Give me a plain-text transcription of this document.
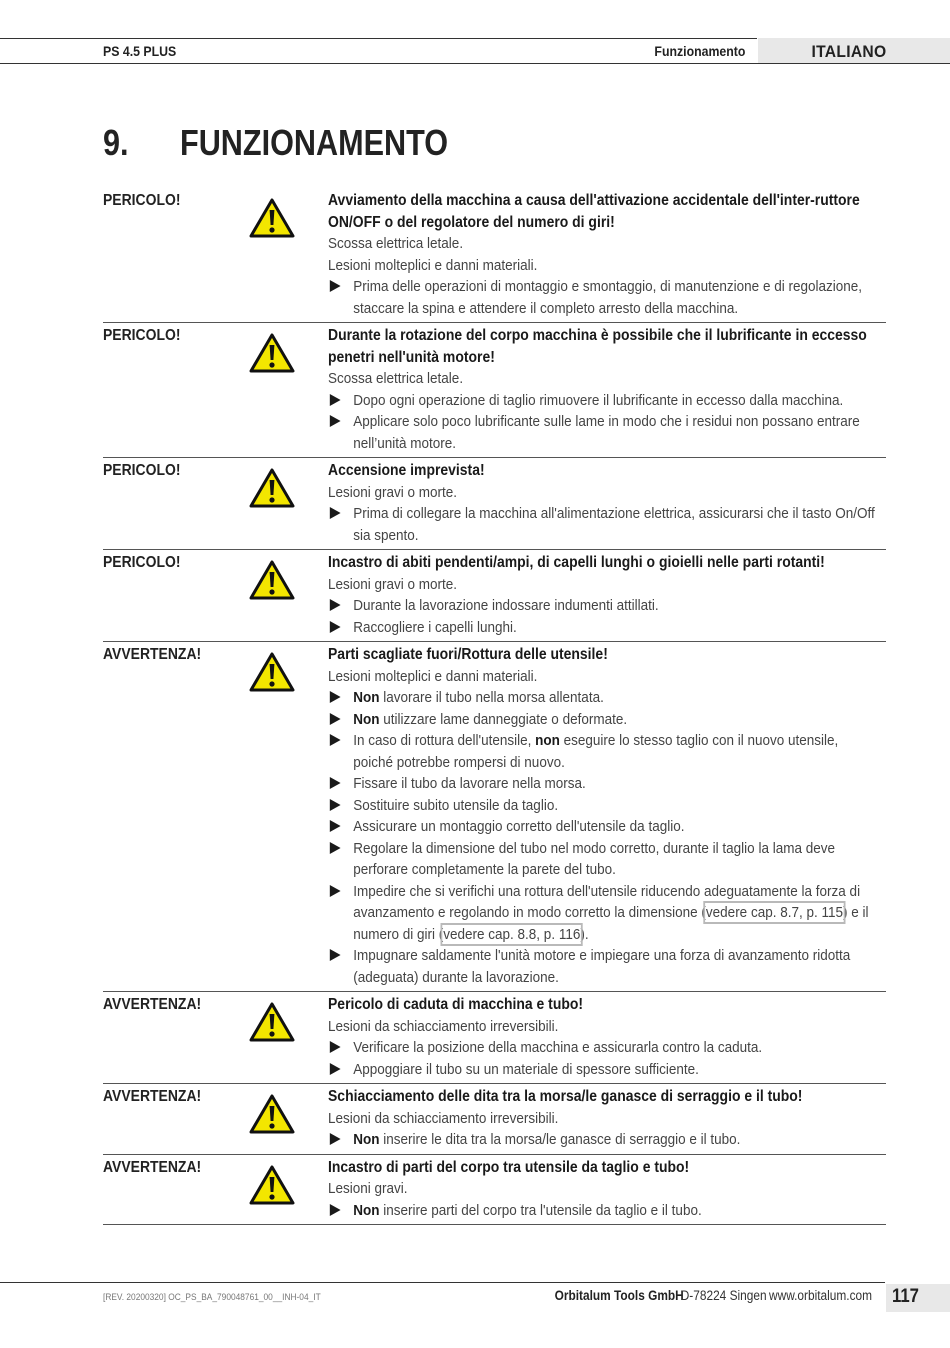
PS 4.5 PLUS	Funzionamento	ITALIANO
9. FUNZIONAMENTO
PERICOLO!	Avviamento della macchina a causa dell'attivazione accidentale dell'inter-ruttore ON/OFF o del regolatore del numero di giri!
Scossa elettrica letale.
Lesioni molteplici e danni materiali.
Prima delle operazioni di montaggio e smontaggio, di manutenzione e di regolazione, staccare la spina e attendere il completo arresto della macchina.
PERICOLO!	Durante la rotazione del corpo macchina è possibile che il lubrificante in eccesso penetri nell'unità motore!
Scossa elettrica letale.
Dopo ogni operazione di taglio rimuovere il lubrificante in eccesso dalla macchina.
Applicare solo poco lubrificante sulle lame in modo che i residui non possano entrare nell’unità motore.
PERICOLO!	Accensione imprevista!
Lesioni gravi o morte.
Prima di collegare la macchina all'alimentazione elettrica, assicurarsi che il tasto On/Off sia spento.
PERICOLO!	Incastro di abiti pendenti/ampi, di capelli lunghi o gioielli nelle parti rotanti!
Lesioni gravi o morte.
Durante la lavorazione indossare indumenti attillati.
Raccogliere i capelli lunghi.
AVVERTENZA!	Parti scagliate fuori/Rottura delle utensile!
Lesioni molteplici e danni materiali.
Non lavorare il tubo nella morsa allentata.
Non utilizzare lame danneggiate o deformate.
In caso di rottura dell'utensile, non eseguire lo stesso taglio con il nuovo utensile, poiché potrebbe rompersi di nuovo.
Fissare il tubo da lavorare nella morsa.
Sostituire subito utensile da taglio.
Assicurare un montaggio corretto dell'utensile da taglio.
Regolare la dimensione del tubo nel modo corretto, durante il taglio la lama deve perforare completamente la parete del tubo.
Impedire che si verifichi una rottura dell'utensile riducendo adeguatamente la forza di avanzamento e regolando in modo corretto la dimensione (vedere cap. 8.7, p. 115) e il numero di giri (vedere cap. 8.8, p. 116).
Impugnare saldamente l'unità motore e impiegare una forza di avanzamento ridotta (adeguata) durante la lavorazione.
AVVERTENZA!	Pericolo di caduta di macchina e tubo!
Lesioni da schiacciamento irreversibili.
Verificare la posizione della macchina e assicurarla contro la caduta.
Appoggiare il tubo su un materiale di spessore sufficiente.
AVVERTENZA!	Schiacciamento delle dita tra la morsa/le ganasce di serraggio e il tubo!
Lesioni da schiacciamento irreversibili.
Non inserire le dita tra la morsa/le ganasce di serraggio e il tubo.
AVVERTENZA!	Incastro di parti del corpo tra utensile da taglio e tubo!
Lesioni gravi.
Non inserire parti del corpo tra l'utensile da taglio e il tubo.
[REV. 20200320] OC_PS_BA_790048761_00__INH-04_IT	Orbitalum Tools GmbH
D-78224 Singen www.orbitalum.com 117
